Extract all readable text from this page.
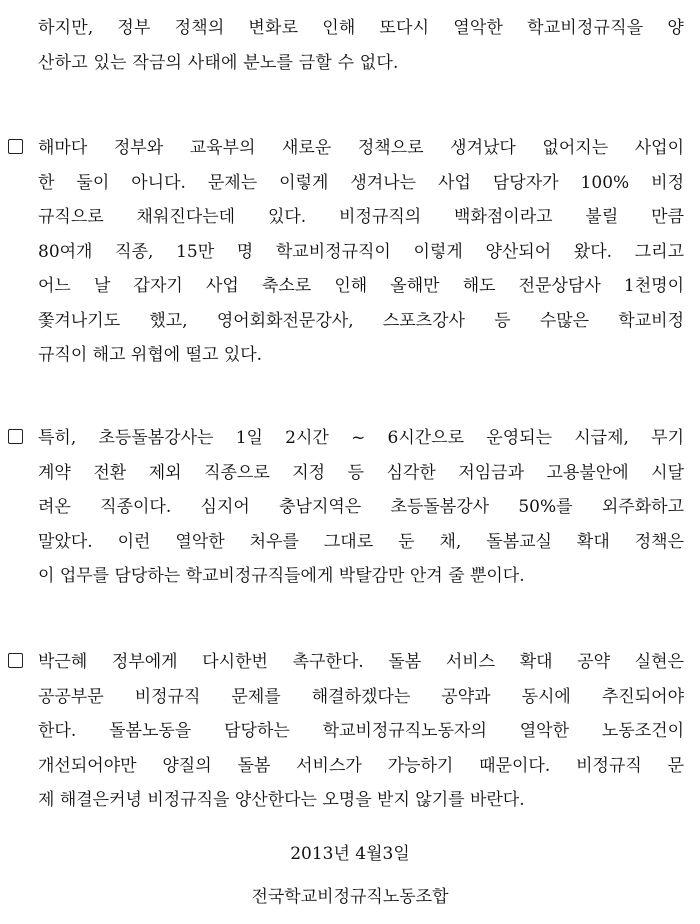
하지만, 정부 정책의 변화로 인해 또다시 열악한 학교비정규직을 양
산하고 있는 작금의 사태에 분노를 금할 수 없다.
해마다 정부와 교육부의 새로운 정책으로 생겨났다 없어지는 사업이
한 둘이 아니다. 문제는 이렇게 생겨나는 사업 담당자가 100% 비정
규직으로 채워진다는데 있다. 비정규직의 백화점이라고 불릴 만큼
80여개 직종, 15만 명 학교비정규직이 이렇게 양산되어 왔다. 그리고
어느 날 갑자기 사업 축소로 인해 올해만 해도 전문상담사 1천명이
쫓겨나기도 했고, 영어회화전문강사, 스포츠강사 등 수많은 학교비정
규직이 해고 위협에 떨고 있다.
특히, 초등돌봄강사는 1일 2시간 ~ 6시간으로 운영되는 시급제, 무기
계약 전환 제외 직종으로 지정 등 심각한 저임금과 고용불안에 시달
려온 직종이다. 심지어 충남지역은 초등돌봄강사 50%를 외주화하고
말았다. 이런 열악한 처우를 그대로 둔 채, 돌봄교실 확대 정책은
이 업무를 담당하는 학교비정규직들에게 박탈감만 안겨 줄 뿐이다.
박근혜 정부에게 다시한번 촉구한다. 돌봄 서비스 확대 공약 실현은
공공부문 비정규직 문제를 해결하겠다는 공약과 동시에 추진되어야
한다. 돌봄노동을 담당하는 학교비정규직노동자의 열악한 노동조건이
개선되어야만 양질의 돌봄 서비스가 가능하기 때문이다. 비정규직 문
제 해결은커녕 비정규직을 양산한다는 오명을 받지 않기를 바란다.
2013년 4월3일
전국학교비정규직노동조합
